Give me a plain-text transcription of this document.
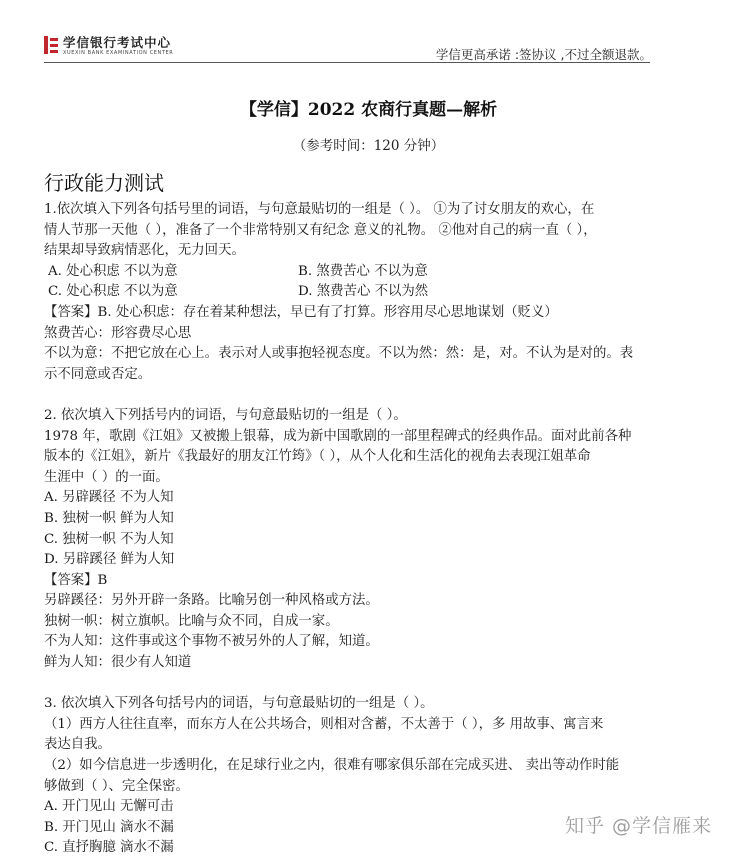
学信银行考试中心
XUEXIN BANK EXAMINATION CENTER	学信更高承诺 :签协议 ,不过全额退款。
【学信】2022 农商行真题—解析
（参考时间：120 分钟）
行政能力测试

1.依次填入下列各句括号里的词语，与句意最贴切的一组是（ ）。 ①为了讨女朋友的欢心，在

情人节那一天他（ ），准备了一个非常特别又有纪念 意义的礼物。 ②他对自己的病一直（ ），

结果却导致病情恶化，无力回天。

A. 处心积虑 不以为意	B. 煞费苦心 不以为意
C. 处心积虑 不以为意	D. 煞费苦心 不以为然

【答案】B. 处心积虑：存在着某种想法，早已有了打算。形容用尽心思地谋划（贬义）

煞费苦心：形容费尽心思

不以为意：不把它放在心上。表示对人或事抱轻视态度。不以为然：然：是，对。不认为是对的。表

示不同意或否定。

2. 依次填入下列括号内的词语，与句意最贴切的一组是（ ）。

1978 年，歌剧《江姐》又被搬上银幕，成为新中国歌剧的一部里程碑式的经典作品。面对此前各种

版本的《江姐》，新片《我最好的朋友江竹筠》（ ），从个人化和生活化的视角去表现江姐革命

生涯中（ ）的一面。

A. 另辟蹊径 不为人知

B. 独树一帜 鲜为人知

C. 独树一帜 不为人知

D. 另辟蹊径 鲜为人知

【答案】B

另辟蹊径：另外开辟一条路。比喻另创一种风格或方法。

独树一帜：树立旗帜。比喻与众不同，自成一家。

不为人知：这件事或这个事物不被另外的人了解，知道。

鲜为人知：很少有人知道

3. 依次填入下列各句括号内的词语，与句意最贴切的一组是（ ）。

（1）西方人往往直率，而东方人在公共场合，则相对含蓄，不太善于（ ），多 用故事、寓言来

表达自我。

（2）如今信息进一步透明化，在足球行业之内，很难有哪家俱乐部在完成买进、 卖出等动作时能

够做到（ ）、完全保密。

A. 开门见山 无懈可击

B. 开门见山 滴水不漏

C. 直抒胸臆 滴水不漏

知乎 @学信雁来
